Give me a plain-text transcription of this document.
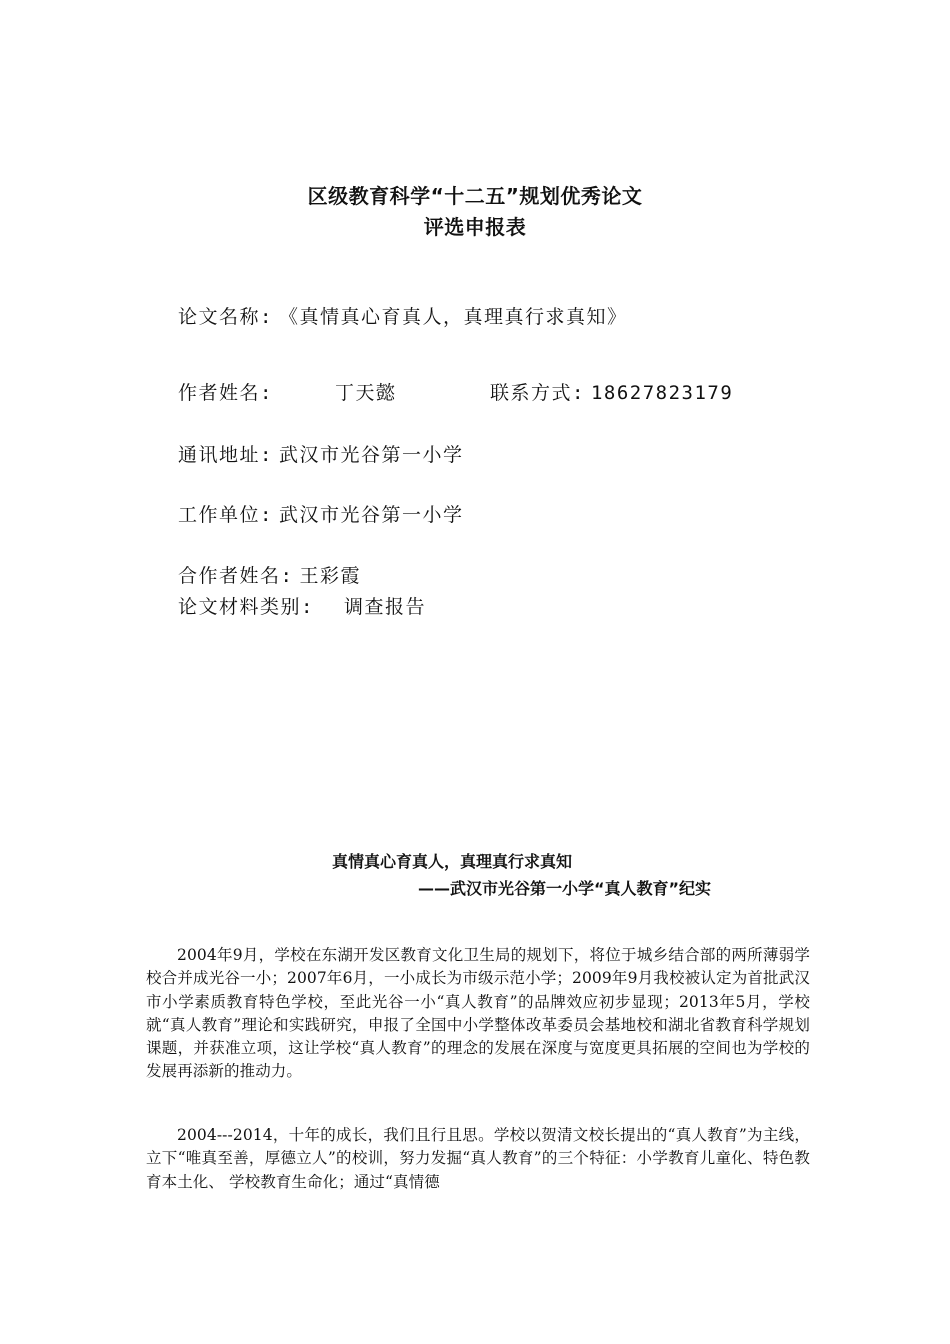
区级教育科学“十二五”规划优秀论文
评选申报表
论文名称: 《真情真心育真人，真理真行求真知》
作者姓名:	丁天懿	联系方式: 18627823179
通讯地址: 武汉市光谷第一小学
工作单位: 武汉市光谷第一小学
合作者姓名: 王彩霞
论文材料类别: 调查报告
真情真心育真人，真理真行求真知
——武汉市光谷第一小学“真人教育”纪实

2004年9月，学校在东湖开发区教育文化卫生局的规划下，将位于城乡结合部的两所薄弱学校合并成光谷一小；2007年6月，一小成长为市级示范小学；2009年9月我校被认定为首批武汉市小学素质教育特色学校，至此光谷一小“真人教育”的品牌效应初步显现；2013年5月，学校就“真人教育”理论和实践研究，申报了全国中小学整体改革委员会基地校和湖北省教育科学规划课题，并获准立项，这让学校“真人教育”的理念的发展在深度与宽度更具拓展的空间也为学校的发展再添新的推动力。

2004---2014，十年的成长，我们且行且思。学校以贺清文校长提出的“真人教育”为主线，立下“唯真至善，厚德立人”的校训，努力发掘“真人教育”的三个特征：小学教育儿童化、特色教育本土化、 学校教育生命化；通过“真情德
